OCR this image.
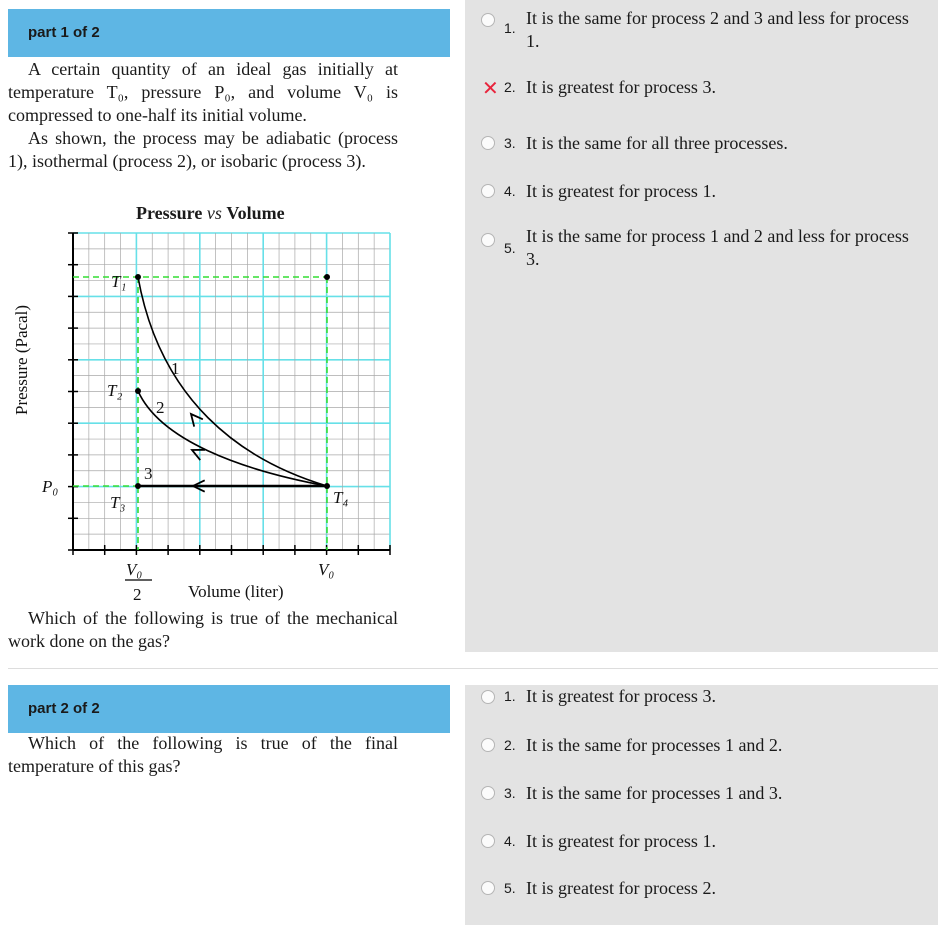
part 1 of 2

A certain quantity of an ideal gas initially at temperature T₀, pressure P₀, and volume V₀ is compressed to one-half its initial volume.

As shown, the process may be adiabatic (process 1), isothermal (process 2), or isobaric (process 3).

Pressure vs Volume
T₁
T₂
T₃	T₄
1
2
3
P₀
V₀
2
V₀
Volume (liter)
Pressure (Pacal)

Which of the following is true of the mechanical work done on the gas?

1. It is the same for process 2 and 3 and less for process 1.
✕ 2. It is greatest for process 3.
3. It is the same for all three processes.
4. It is greatest for process 1.
5.
It is the same for process 1 and 2 and less for process 3.
part 2 of 2

Which of the following is true of the final temperature of this gas?

1. It is greatest for process 3.
2. It is the same for processes 1 and 2.
3. It is the same for processes 1 and 3.
4. It is greatest for process 1.
5. It is greatest for process 2.
